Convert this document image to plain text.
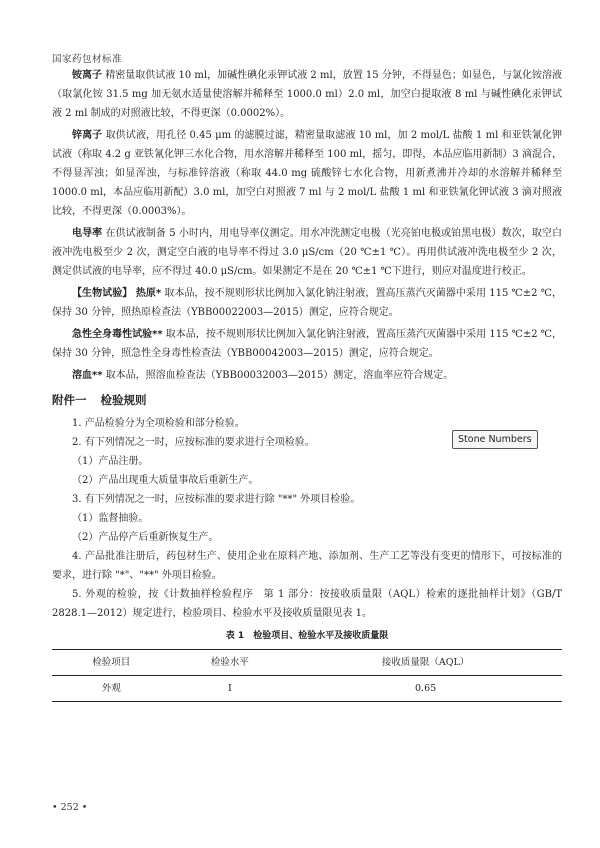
国家药包材标准

铵离子 精密量取供试液 10 ml，加碱性碘化汞钾试液 2 ml，放置 15 分钟，不得显色；如显色，与氯化铵溶液（取氯化铵 31.5 mg 加无氨水适量使溶解并稀释至 1000.0 ml）2.0 ml，加空白提取液 8 ml 与碱性碘化汞钾试液 2 ml 制成的对照液比较，不得更深（0.0002%）。

锌离子 取供试液，用孔径 0.45 μm 的滤膜过滤，精密量取滤液 10 ml，加 2 mol/L 盐酸 1 ml 和亚铁氰化钾试液（称取 4.2 g 亚铁氰化钾三水化合物，用水溶解并稀释至 100 ml，摇匀，即得，本品应临用新制）3 滴混合，不得显浑浊；如显浑浊，与标准锌溶液（称取 44.0 mg 硫酸锌七水化合物，用新煮沸并冷却的水溶解并稀释至 1000.0 ml，本品应临用新配）3.0 ml，加空白对照液 7 ml 与 2 mol/L 盐酸 1 ml 和亚铁氰化钾试液 3 滴对照液比较，不得更深（0.0003%）。

电导率 在供试液制备 5 小时内，用电导率仪测定。用水冲洗测定电极（光亮铂电极或铂黑电极）数次，取空白液冲洗电极至少 2 次，测定空白液的电导率不得过 3.0 μS/cm（20 ℃±1 ℃）。再用供试液冲洗电极至少 2 次，测定供试液的电导率，应不得过 40.0 μS/cm。如果测定不是在 20 ℃±1 ℃下进行，则应对温度进行校正。

【生物试验】 热原* 取本品，按不规则形状比例加入氯化钠注射液，置高压蒸汽灭菌器中采用 115 ℃±2 ℃，保持 30 分钟，照热原检查法（YBB00022003—2015）测定，应符合规定。

急性全身毒性试验** 取本品，按不规则形状比例加入氯化钠注射液，置高压蒸汽灭菌器中采用 115 ℃±2 ℃，保持 30 分钟，照急性全身毒性检查法（YBB00042003—2015）测定，应符合规定。

溶血** 取本品，照溶血检查法（YBB00032003—2015）测定，溶血率应符合规定。

附件一 检验规则

1. 产品检验分为全项检验和部分检验。

2. 有下列情况之一时，应按标准的要求进行全项检验。

（1）产品注册。

（2）产品出现重大质量事故后重新生产。

3. 有下列情况之一时，应按标准的要求进行除 "**" 外项目检验。

（1）监督抽验。

（2）产品停产后重新恢复生产。

4. 产品批准注册后，药包材生产、使用企业在原料产地、添加剂、生产工艺等没有变更的情形下，可按标准的要求，进行除 "*"、"**" 外项目检验。

5. 外观的检验，按《计数抽样检验程序　第 1 部分：按接收质量限（AQL）检索的逐批抽样计划》（GB/T 2828.1—2012）规定进行，检验项目、检验水平及接收质量限见表 1。

表 1　检验项目、检验水平及接收质量限
检验项目	检验水平	接收质量限（AQL）
外观	Ⅰ	0.65
Stone Numbers
• 252 •
